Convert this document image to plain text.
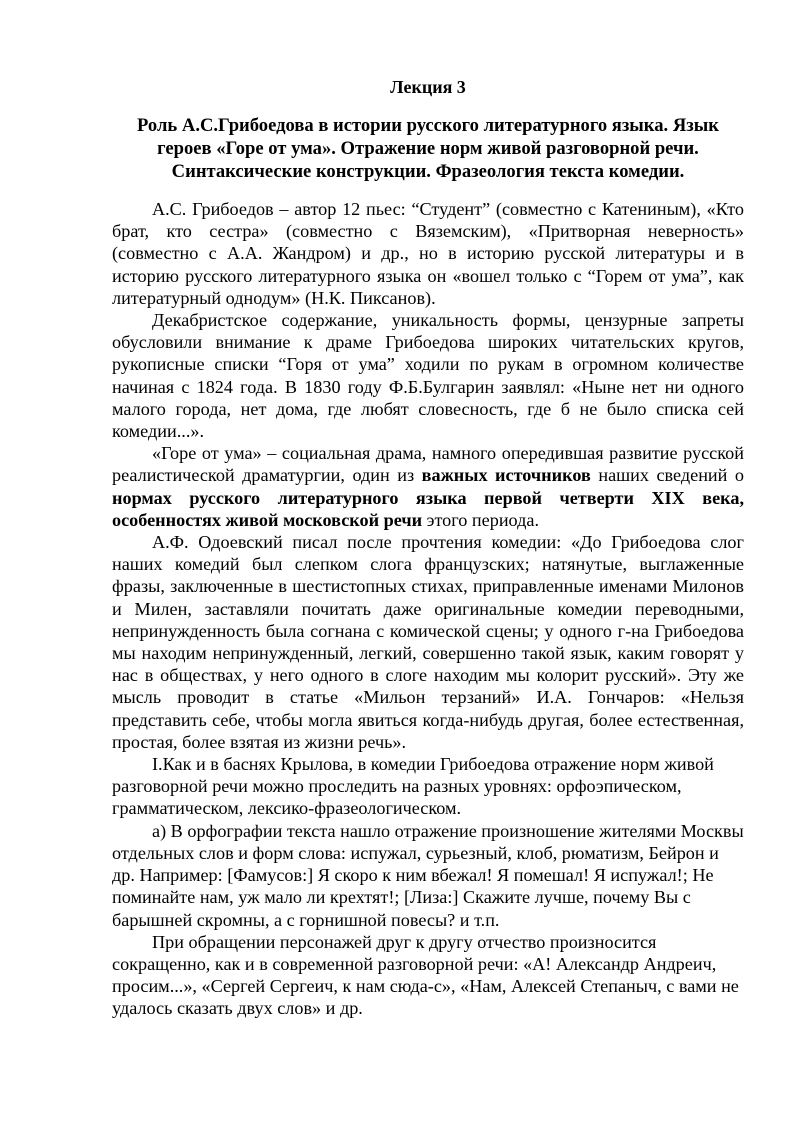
Лекция 3
Роль А.С.Грибоедова в истории русского литературного языка. Язык героев «Горе от ума». Отражение норм живой разговорной речи. Синтаксические конструкции. Фразеология текста комедии.

А.С. Грибоедов – автор 12 пьес: “Студент” (совместно с Катениным), «Кто брат, кто сестра» (совместно с Вяземским), «Притворная неверность» (совместно с А.А. Жандром) и др., но в историю русской литературы и в историю русского литературного языка он «вошел только с “Горем от ума”, как литературный однодум» (Н.К. Пиксанов).

Декабристское содержание, уникальность формы, цензурные запреты обусловили внимание к драме Грибоедова широких читательских кругов, рукописные списки “Горя от ума” ходили по рукам в огромном количестве начиная с 1824 года. В 1830 году Ф.Б.Булгарин заявлял: «Ныне нет ни одного малого города, нет дома, где любят словесность, где б не было списка сей комедии...».

«Горе от ума» – социальная драма, намного опередившая развитие русской реалистической драматургии, один из важных источников наших сведений о нормах русского литературного языка первой четверти XIX века, особенностях живой московской речи этого периода.

А.Ф. Одоевский писал после прочтения комедии: «До Грибоедова слог наших комедий был слепком слога французских; натянутые, выглаженные фразы, заключенные в шестистопных стихах, приправленные именами Милонов и Милен, заставляли почитать даже оригинальные комедии переводными, непринужденность была согнана с комической сцены; у одного г-на Грибоедова мы находим непринужденный, легкий, совершенно такой язык, каким говорят у нас в обществах, у него одного в слоге находим мы колорит русский». Эту же мысль проводит в статье «Мильон терзаний» И.А. Гончаров: «Нельзя представить себе, чтобы могла явиться когда-нибудь другая, более естественная, простая, более взятая из жизни речь».

I.Как и в баснях Крылова, в комедии Грибоедова отражение норм живой разговорной речи можно проследить на разных уровнях: орфоэпическом, грамматическом, лексико-фразеологическом.

а) В орфографии текста нашло отражение произношение жителями Москвы отдельных слов и форм слова: испужал, сурьезный, клоб, рюматизм, Бейрон и др. Например: [Фамусов:] Я скоро к ним вбежал! Я помешал! Я испужал!; Не поминайте нам, уж мало ли крехтят!; [Лиза:] Скажите лучше, почему Вы с барышней скромны, а с горнишной повесы? и т.п.

При обращении персонажей друг к другу отчество произносится сокращенно, как и в современной разговорной речи: «А! Александр Андреич, просим...», «Сергей Сергеич, к нам сюда-с», «Нам, Алексей Степаныч, с вами не удалось сказать двух слов» и др.
